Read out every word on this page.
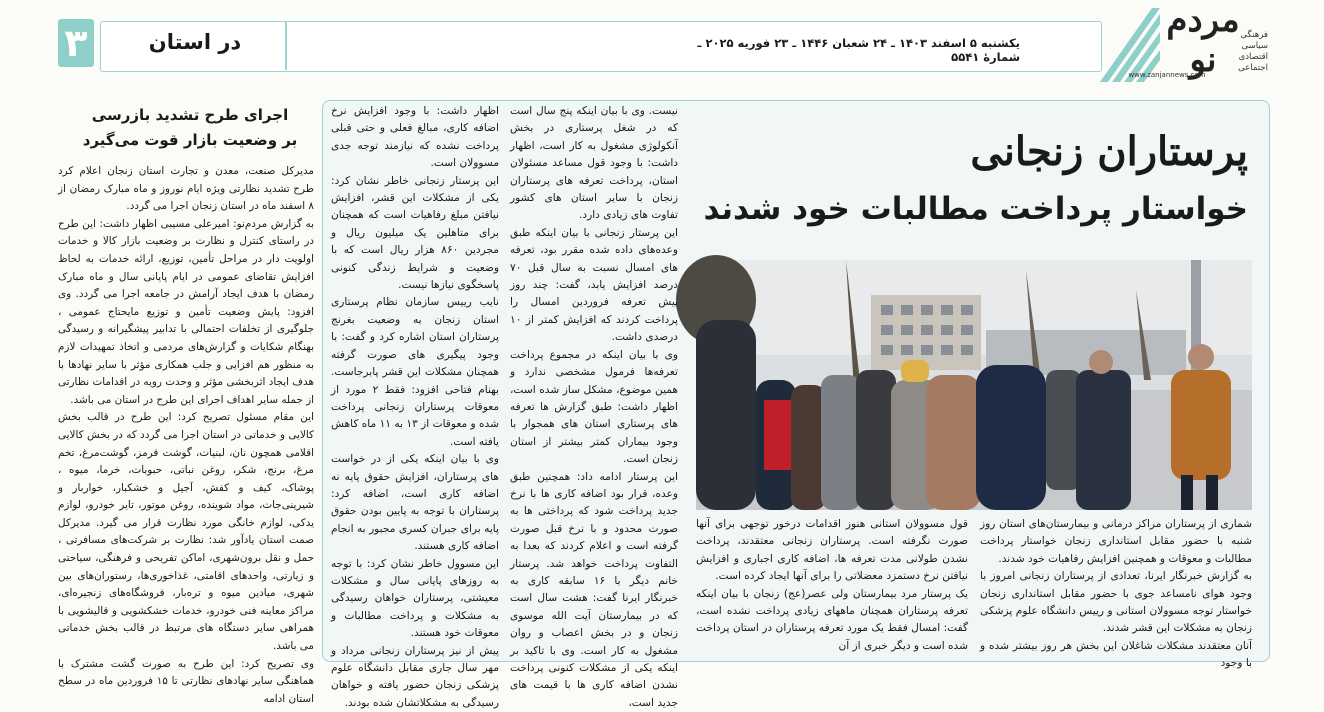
۳	در استان	یکشنبه ۵ اسفند ۱۴۰۳ ـ ۲۴ شعبان ۱۴۴۶ ـ ۲۳ فوریه ۲۰۲۵ ـ شمارۀ ۵۵۴۱
مردم نو
فرهنگی
سیاسی
اقتصادی
اجتماعی
www.zanjannews.com
پرستاران زنجانی
خواستار پرداخت مطالبات خود شدند
نیست. وی با بیان اینکه پنج سال است که در شغل پرستاری در بخش آنکولوژی مشغول به کار است، اظهار داشت: با وجود قول مساعد مسئولان استان، پرداخت تعرفه های پرستاران زنجان با سایر استان های کشور تفاوت های زیادی دارد.
این پرستار زنجانی با بیان اینکه طبق وعده‌های داده شده مقرر بود، تعرفه های امسال نسبت به سال قبل ۷۰ درصد افزایش یابد، گفت: چند روز پیش تعرفه فروردین امسال را پرداخت کردند که افزایش کمتر از ۱۰ درصدی داشت.
وی با بیان اینکه در مجموع پرداخت تعرفه‌ها فرمول مشخصی ندارد و همین موضوع، مشکل ساز شده است، اظهار داشت: طبق گزارش ها تعرفه های پرستاری استان های همجوار با وجود بیماران کمتر بیشتر از استان زنجان است.
این پرستار ادامه داد: همچنین طبق وعده، قرار بود اضافه کاری ها با نرخ جدید پرداخت شود که پرداختی ها به صورت محدود و با نرخ قبل صورت گرفته است و اعلام کردند که بعدا به التفاوت پرداخت خواهد شد. پرستار خانم دیگر با ۱۶ سابقه کاری به خبرنگار ایرنا گفت: هشت سال است که در بیمارستان آیت الله موسوی زنجان و در بخش اعصاب و روان مشغول به کار است. وی با تاکید بر اینکه یکی از مشکلات کنونی پرداخت نشدن اضافه کاری ها با قیمت های جدید است،
اظهار داشت: با وجود افزایش نرخ اضافه کاری، مبالغ فعلی و حتی قبلی پرداخت نشده که نیازمند توجه جدی مسوولان است.
این پرستار زنجانی خاطر نشان کرد: یکی از مشکلات این قشر، افزایش نیافتن مبلغ رفاهیات است که همچنان برای متاهلین یک میلیون ریال و مجردین ۸۶۰ هزار ریال است که با وضعیت و شرایط زندگی کنونی پاسخگوی نیازها نیست.
نایب رییس سازمان نظام پرستاری استان زنجان به وضعیت بغرنج پرستاران استان اشاره کرد و گفت: با وجود پیگیری های صورت گرفته همچنان مشکلات این قشر پابرجاست. بهنام فتاحی افزود: فقط ۲ مورد از معوقات پرستاران زنجانی پرداخت شده و معوقات از ۱۳ به ۱۱ ماه کاهش یافته است.
وی با بیان اینکه یکی از در خواست های پرستاران، افزایش حقوق پایه نه اضافه کاری است، اضافه کرد: پرستاران با توجه به پایین بودن حقوق پایه برای جبران کسری مجبور به انجام اضافه کاری هستند.
این مسوول خاطر نشان کرد: با توجه به روزهای پایانی سال و مشکلات معیشتی، پرستاران خواهان رسیدگی به مشکلات و پرداخت مطالبات و معوقات خود هستند.
پیش از نیز پرستاران زنجانی مرداد و مهر سال جاری مقابل دانشگاه علوم پزشکی زنجان حضور یافته و خواهان رسیدگی به مشکلاتشان شده بودند.
شماری از پرستاران مراکز درمانی و بیمارستان‌های استان روز شنبه با حضور مقابل استانداری زنجان خواستار پرداخت مطالبات و معوقات و همچنین افزایش رفاهیات خود شدند.
به گزارش خبرنگار ایرنا، تعدادی از پرستاران زنجانی امروز با وجود هوای نامساعد جوی با حضور مقابل استانداری زنجان خواستار توجه مسوولان استانی و رییس دانشگاه علوم پزشکی زنجان به مشکلات این قشر شدند.
آنان معتقدند مشکلات شاغلان این بخش هر روز بیشتر شده و با وجود
قول مسوولان استانی هنوز اقدامات درخور توجهی برای آنها صورت نگرفته است. پرستاران زنجانی معتقدند، پرداخت نشدن طولانی مدت تعرفه ها، اضافه کاری اجباری و افزایش نیافتن نرخ دستمزد معضلاتی را برای آنها ایجاد کرده است.
یک پرستار مرد بیمارستان ولی عصر(عج) زنجان با بیان اینکه تعرفه پرستاران همچنان ماههای زیادی پرداخت نشده است، گفت: امسال فقط یک مورد تعرفه پرستاران در استان پرداخت شده است و دیگر خبری از آن
اجرای طرح تشدید بازرسی
بر وضعیت بازار قوت می‌گیرد
مدیرکل صنعت، معدن و تجارت استان زنجان اعلام کرد طرح تشدید نظارتی ویژه ایام نوروز و ماه مبارک رمضان از ۸ اسفند ماه در استان زنجان اجرا می گردد.
به گزارش مردم‌نو: امیرعلی مسیبی اظهار داشت: این طرح در راستای کنترل و نظارت بر وضعیت بازار کالا و خدمات اولویت دار در مراحل تأمین، توزیع، ارائه خدمات به لحاظ افزایش تقاضای عمومی در ایام پایانی سال و ماه مبارک رمضان با هدف ایجاد آرامش در جامعه اجرا می گردد. وی افزود: پایش وضعیت تأمین و توزیع مایحتاج عمومی ، جلوگیری از تخلفات احتمالی با تدابیر پیشگیرانه و رسیدگی بهنگام شکایات و گزارش‌های مردمی و اتخاذ تمهیدات لازم به منظور هم افزایی و جلب همکاری مؤثر با سایر نهادها با هدف ایجاد اثربخشی مؤثر و وحدت رویه در اقدامات نظارتی از جمله سایر اهداف اجرای این طرح در استان می باشد.
این مقام مسئول تصریح کرد: این طرح در قالب بخش کالایی و خدماتی در استان اجرا می گردد که در بخش کالایی اقلامی همچون نان، لبنیات، گوشت قرمز، گوشت‌مرغ، تخم مرغ، برنج، شکر، روغن نباتی، حبوبات، خرما، میوه ، پوشاک، کیف و کفش، آجیل و خشکبار، خواربار و شیرینی‌جات، مواد شوینده، روغن موتور، تایر خودرو، لوازم یدکی، لوازم خانگی مورد نظارت قرار می گیرد. مدیرکل صمت استان یادآور شد: نظارت بر شرکت‌های مسافرتی ، حمل و نقل برون‌شهری، اماکن تفریحی و فرهنگی، سیاحتی و زیارتی، واحدهای اقامتی، غذاخوری‌ها، رستوران‌های بین شهری، میادین میوه و تره‌بار، فروشگاه‌های زنجیره‌ای، مراکز معاینه فنی خودرو، خدمات خشکشویی و قالیشویی با همراهی سایر دستگاه های مرتبط در قالب بخش خدماتی می باشد.
وی تصریح کرد: این طرح به صورت گشت مشترک با هماهنگی سایر نهادهای نظارتی تا ۱۵ فروردین ماه در سطح استان ادامه
